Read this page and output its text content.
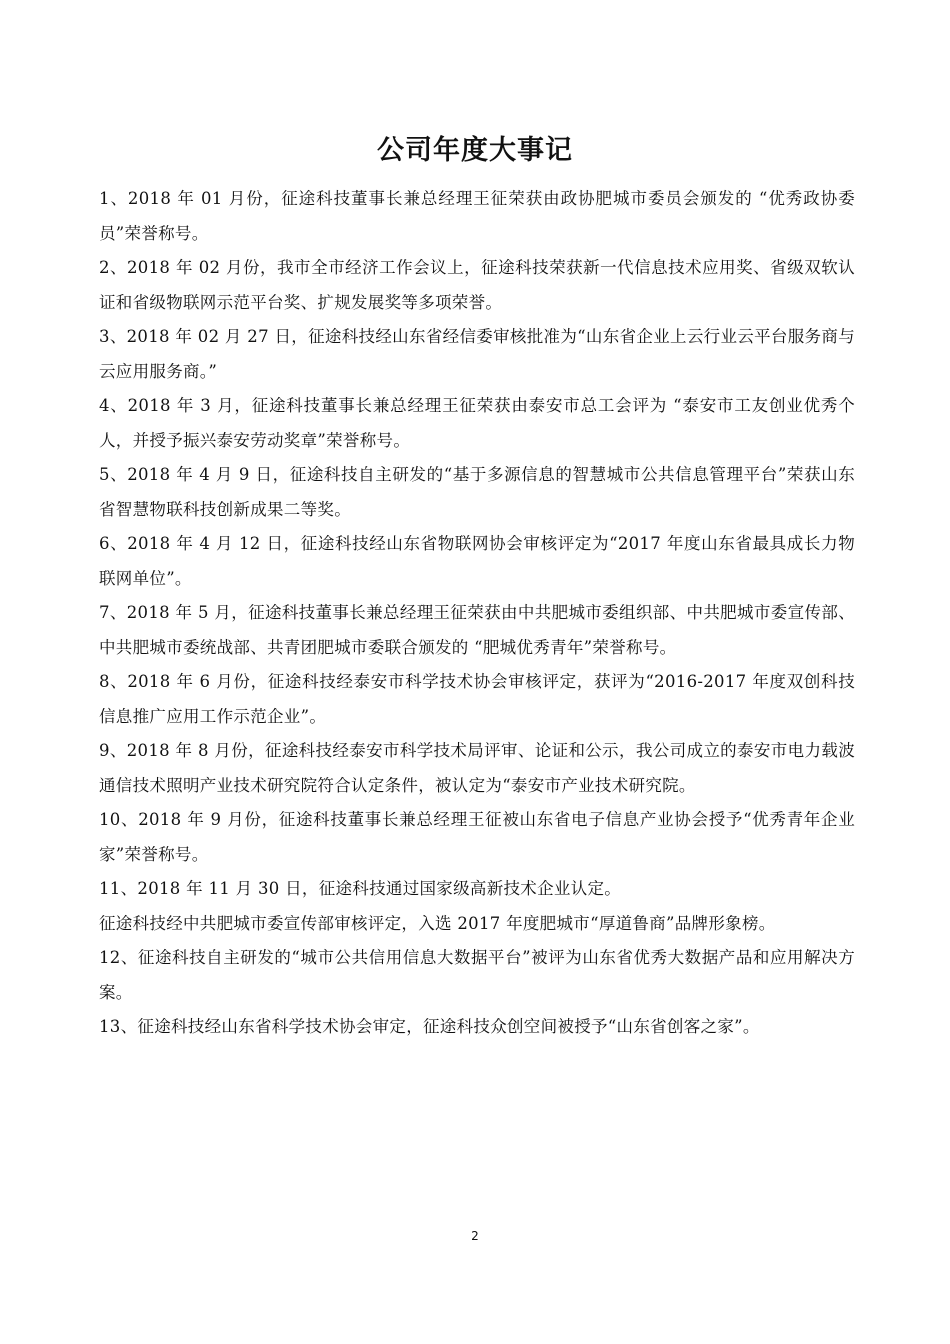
公司年度大事记

1、2018 年 01 月份，征途科技董事长兼总经理王征荣获由政协肥城市委员会颁发的 “优秀政协委员”荣誉称号。

2、2018 年 02 月份，我市全市经济工作会议上，征途科技荣获新一代信息技术应用奖、省级双软认证和省级物联网示范平台奖、扩规发展奖等多项荣誉。

3、2018 年 02 月 27 日，征途科技经山东省经信委审核批准为“山东省企业上云行业云平台服务商与云应用服务商。”

4、2018 年 3 月，征途科技董事长兼总经理王征荣获由泰安市总工会评为 “泰安市工友创业优秀个人，并授予振兴泰安劳动奖章”荣誉称号。

5、2018 年 4 月 9 日，征途科技自主研发的“基于多源信息的智慧城市公共信息管理平台”荣获山东省智慧物联科技创新成果二等奖。

6、2018 年 4 月 12 日，征途科技经山东省物联网协会审核评定为“2017 年度山东省最具成长力物联网单位”。

7、2018 年 5 月，征途科技董事长兼总经理王征荣获由中共肥城市委组织部、中共肥城市委宣传部、中共肥城市委统战部、共青团肥城市委联合颁发的 “肥城优秀青年”荣誉称号。

8、2018 年 6 月份，征途科技经泰安市科学技术协会审核评定，获评为“2016-2017 年度双创科技信息推广应用工作示范企业”。

9、2018 年 8 月份，征途科技经泰安市科学技术局评审、论证和公示，我公司成立的泰安市电力载波通信技术照明产业技术研究院符合认定条件，被认定为“泰安市产业技术研究院。

10、2018 年 9 月份，征途科技董事长兼总经理王征被山东省电子信息产业协会授予“优秀青年企业家”荣誉称号。

11、2018 年 11 月 30 日，征途科技通过国家级高新技术企业认定。

征途科技经中共肥城市委宣传部审核评定，入选 2017 年度肥城市“厚道鲁商”品牌形象榜。

12、征途科技自主研发的“城市公共信用信息大数据平台”被评为山东省优秀大数据产品和应用解决方案。

13、征途科技经山东省科学技术协会审定，征途科技众创空间被授予“山东省创客之家”。

2
